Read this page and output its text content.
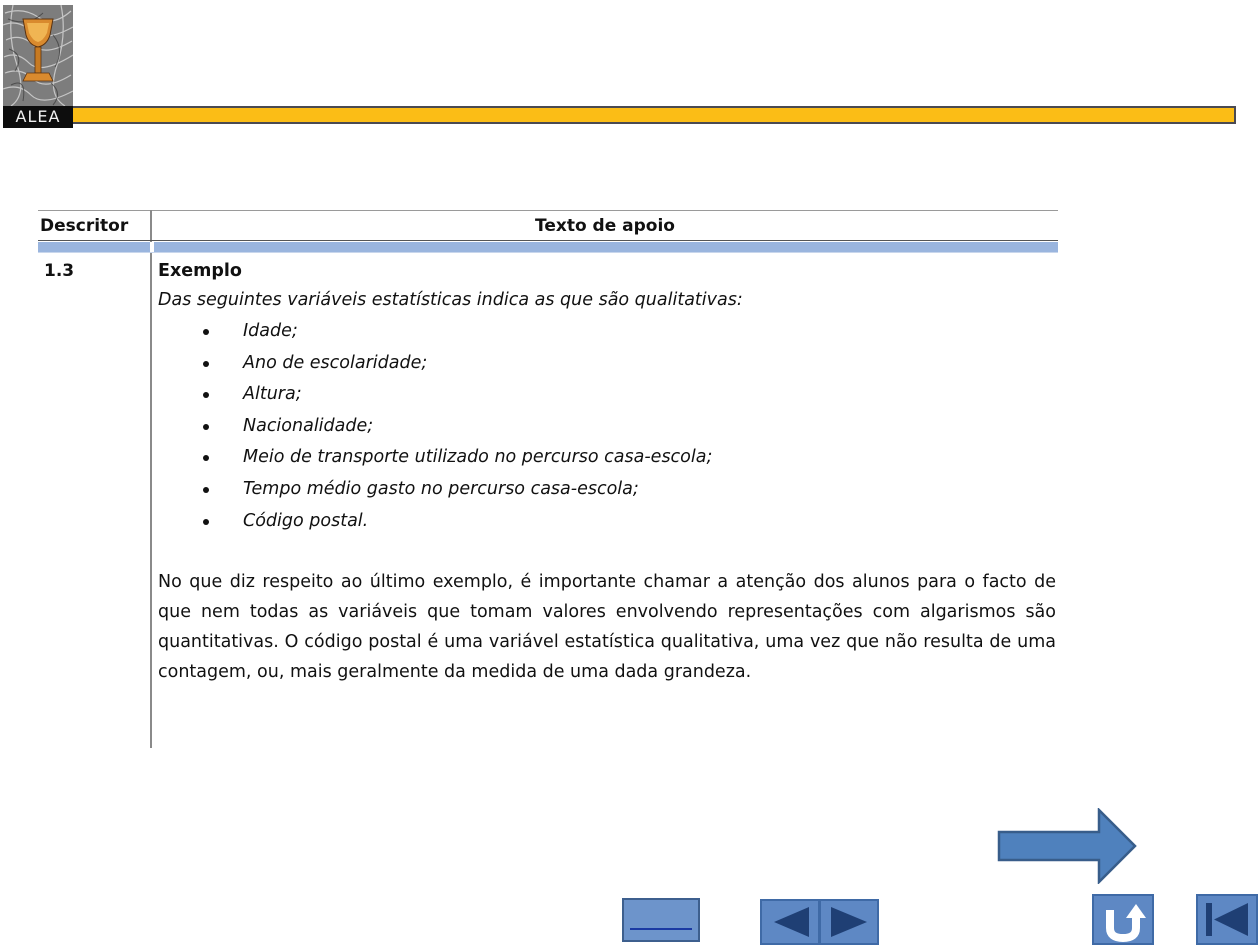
ALEA
Descritor	Texto de apoio
1.3	Exemplo
Das seguintes variáveis estatísticas indica as que são qualitativas:
Idade;
Ano de escolaridade;
Altura;
Nacionalidade;
Meio de transporte utilizado no percurso casa-escola;
Tempo médio gasto no percurso casa-escola;
Código postal.

No que diz respeito ao último exemplo, é importante chamar a atenção dos alunos para o facto de que nem todas as variáveis que tomam valores envolvendo representações com algarismos são quantitativas. O código postal é uma variável estatística qualitativa, uma vez que não resulta de uma contagem, ou, mais geralmente da medida de uma dada grandeza.
